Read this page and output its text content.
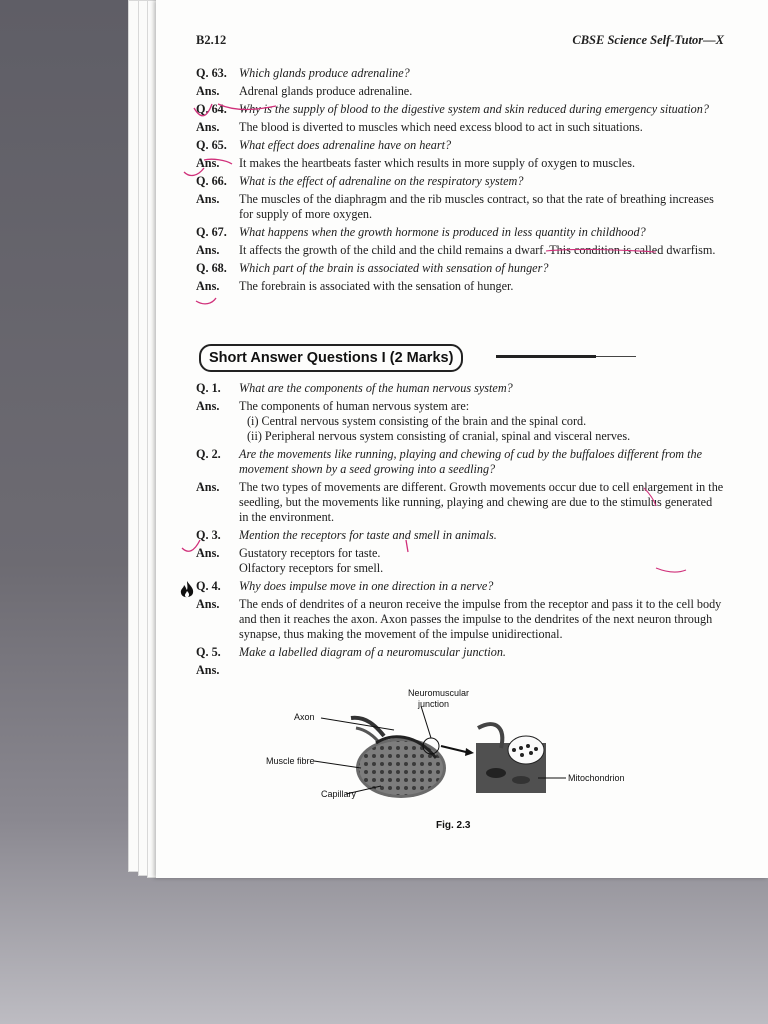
B2.12	CBSE Science Self-Tutor—X
Q. 63. Which glands produce adrenaline?
Ans.	Adrenal glands produce adrenaline.
Q. 64. Why is the supply of blood to the digestive system and skin reduced during emergency situation?
Ans.	The blood is diverted to muscles which need excess blood to act in such situations.
Q. 65. What effect does adrenaline have on heart?
Ans.	It makes the heartbeats faster which results in more supply of oxygen to muscles.
Q. 66. What is the effect of adrenaline on the respiratory system?
Ans.	The muscles of the diaphragm and the rib muscles contract, so that the rate of breathing increases for supply of more oxygen.
Q. 67. What happens when the growth hormone is produced in less quantity in childhood?
Ans.	It affects the growth of the child and the child remains a dwarf. This condition is called dwarfism.
Q. 68. Which part of the brain is associated with sensation of hunger?
Ans.	The forebrain is associated with the sensation of hunger.
Short Answer Questions I (2 Marks)
Q. 1.	What are the components of the human nervous system?
Ans.	The components of human nervous system are:
(i) Central nervous system consisting of the brain and the spinal cord.
(ii) Peripheral nervous system consisting of cranial, spinal and visceral nerves.
Q. 2.	Are the movements like running, playing and chewing of cud by the buffaloes different from the movement shown by a seed growing into a seedling?
Ans.	The two types of movements are different. Growth movements occur due to cell enlargement in the seedling, but the movements like running, playing and chewing are due to the stimulus generated in the environment.
Q. 3.	Mention the receptors for taste and smell in animals.
Ans.	Gustatory receptors for taste.
Olfactory receptors for smell.
Q. 4.	Why does impulse move in one direction in a nerve?
Ans.	The ends of dendrites of a neuron receive the impulse from the receptor and pass it to the cell body and then it reaches the axon. Axon passes the impulse to the dendrites of the next neuron through synapse, thus making the movement of the impulse unidirectional.
Q. 5.	Make a labelled diagram of a neuromuscular junction.
Ans.
Neuromuscular
junction
Axon
Muscle fibre
Capillary
Mitochondrion
Fig. 2.3
